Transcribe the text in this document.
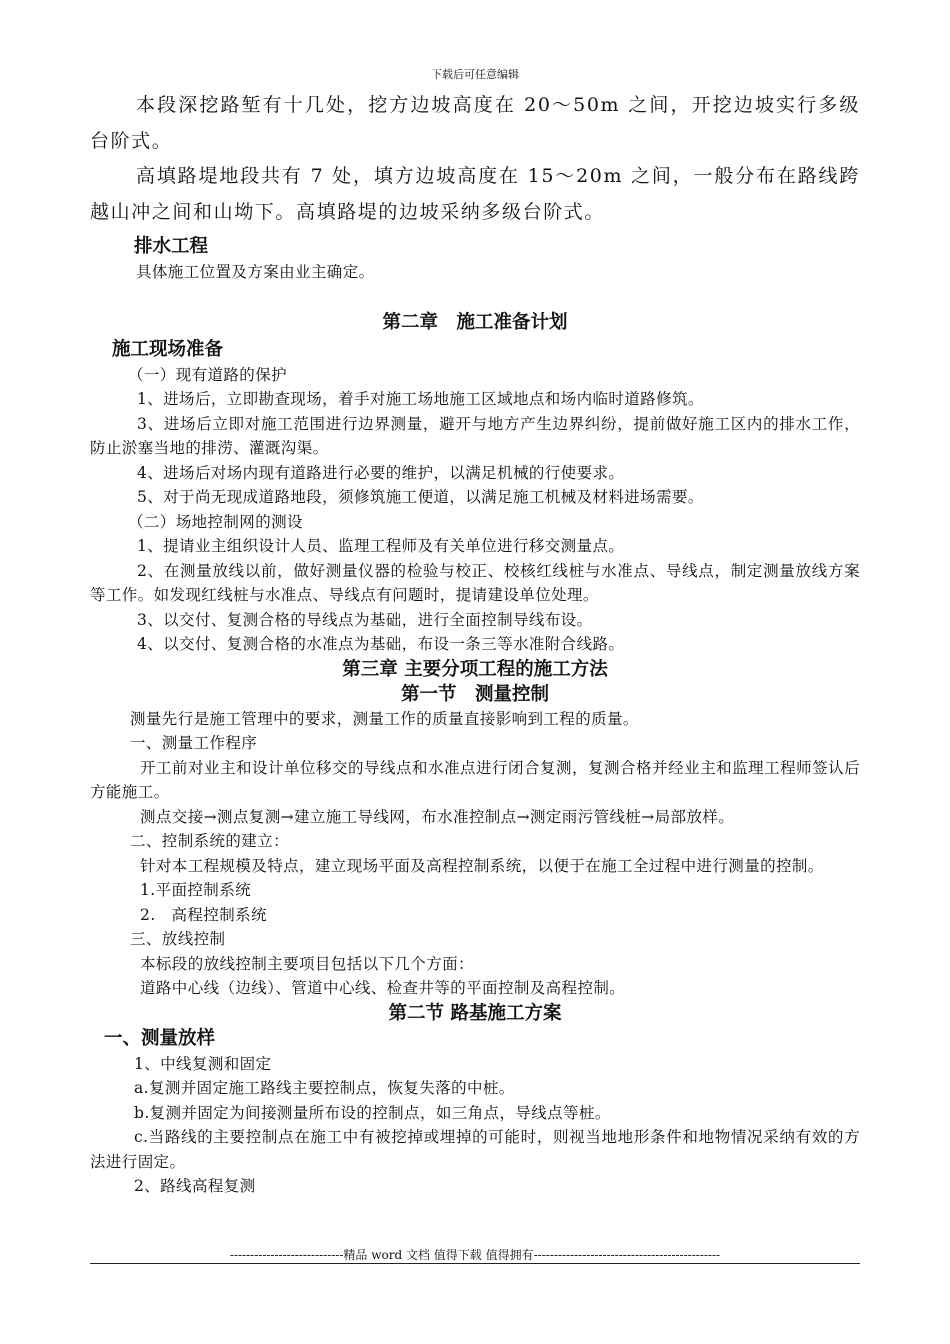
下载后可任意编辑

本段深挖路堑有十几处，挖方边坡高度在 20～50m 之间，开挖边坡实行多级台阶式。

高填路堤地段共有 7 处，填方边坡高度在 15～20m 之间，一般分布在路线跨越山冲之间和山坳下。高填路堤的边坡采纳多级台阶式。

排水工程

具体施工位置及方案由业主确定。

第二章　施工准备计划

施工现场准备

（一）现有道路的保护

1、进场后，立即勘查现场，着手对施工场地施工区域地点和场内临时道路修筑。

3、进场后立即对施工范围进行边界测量，避开与地方产生边界纠纷，提前做好施工区内的排水工作，防止淤塞当地的排涝、灌溉沟渠。

4、进场后对场内现有道路进行必要的维护，以满足机械的行使要求。

5、对于尚无现成道路地段，须修筑施工便道，以满足施工机械及材料进场需要。

（二）场地控制网的测设

1、提请业主组织设计人员、监理工程师及有关单位进行移交测量点。

2、在测量放线以前，做好测量仪器的检验与校正、校核红线桩与水准点、导线点，制定测量放线方案等工作。如发现红线桩与水准点、导线点有问题时，提请建设单位处理。

3、以交付、复测合格的导线点为基础，进行全面控制导线布设。

4、以交付、复测合格的水准点为基础，布设一条三等水准附合线路。

第三章 主要分项工程的施工方法

第一节　测量控制

测量先行是施工管理中的要求，测量工作的质量直接影响到工程的质量。

一、测量工作程序

开工前对业主和设计单位移交的导线点和水准点进行闭合复测，复测合格并经业主和监理工程师签认后方能施工。

测点交接→测点复测→建立施工导线网，布水准控制点→测定雨污管线桩→局部放样。

二、控制系统的建立：

针对本工程规模及特点，建立现场平面及高程控制系统，以便于在施工全过程中进行测量的控制。

1.平面控制系统

2.　高程控制系统

三、放线控制

本标段的放线控制主要项目包括以下几个方面：

道路中心线（边线）、管道中心线、检查井等的平面控制及高程控制。

第二节 路基施工方案

一、测量放样

1、中线复测和固定

a.复测并固定施工路线主要控制点，恢复失落的中桩。

b.复测并固定为间接测量所布设的控制点，如三角点，导线点等桩。

c.当路线的主要控制点在施工中有被挖掉或埋掉的可能时，则视当地地形条件和地物情况采纳有效的方法进行固定。

2、路线高程复测

----------------------------精品 word 文档 值得下载 值得拥有----------------------------------------------
